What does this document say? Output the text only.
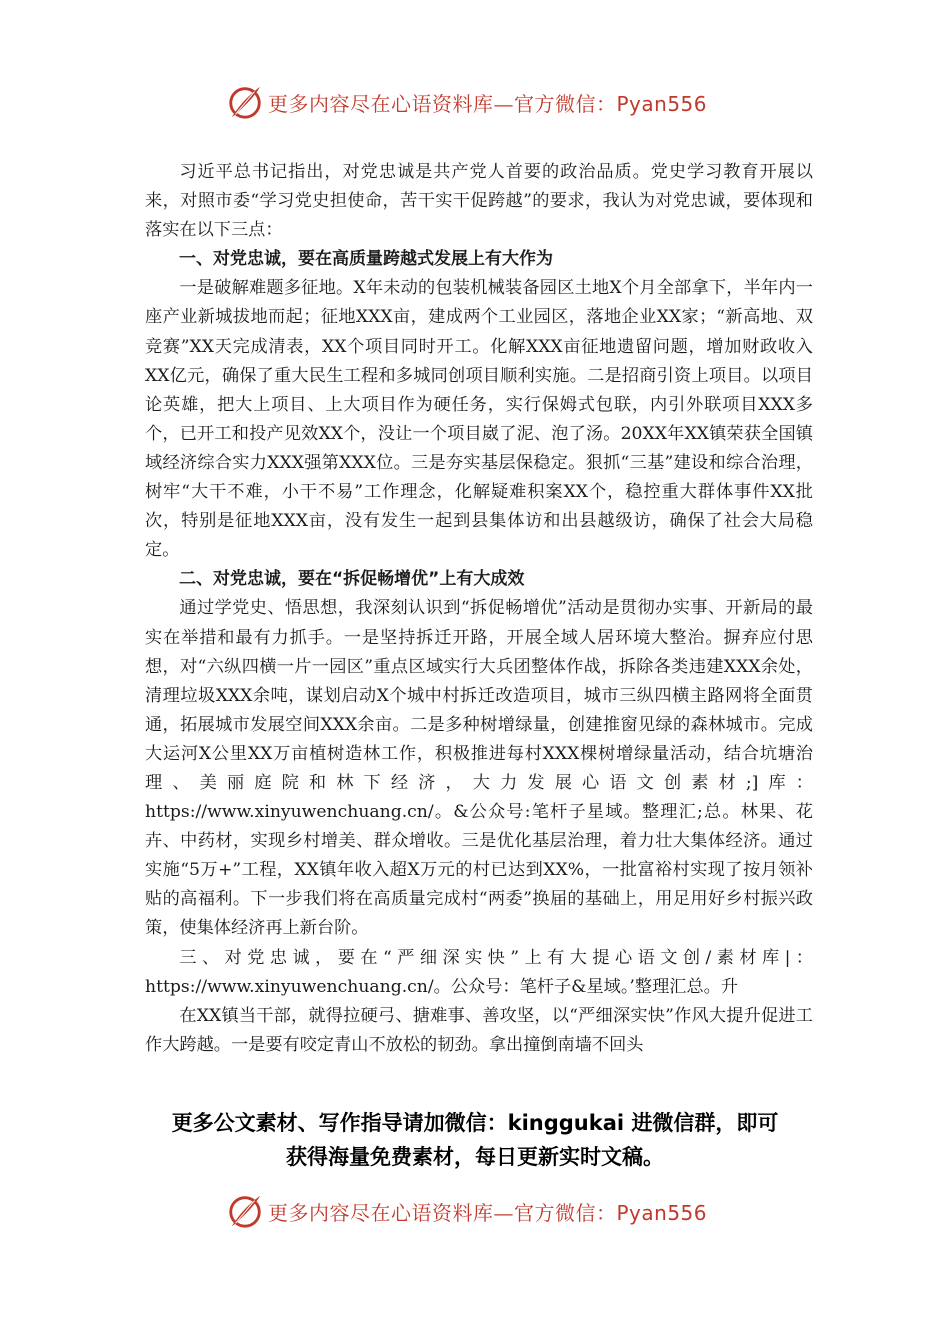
更多内容尽在心语资料库—官方微信：Pyan556

习近平总书记指出，对党忠诚是共产党人首要的政治品质。党史学习教育开展以来，对照市委“学习党史担使命，苦干实干促跨越”的要求，我认为对党忠诚，要体现和落实在以下三点：

一、对党忠诚，要在高质量跨越式发展上有大作为

一是破解难题多征地。X年未动的包装机械装备园区土地X个月全部拿下，半年内一座产业新城拔地而起；征地XXX亩，建成两个工业园区，落地企业XX家；“新高地、双竞赛”XX天完成清表，XX个项目同时开工。化解XXX亩征地遗留问题，增加财政收入XX亿元，确保了重大民生工程和多城同创项目顺利实施。二是招商引资上项目。以项目论英雄，把大上项目、上大项目作为硬任务，实行保姆式包联，内引外联项目XXX多个，已开工和投产见效XX个，没让一个项目崴了泥、泡了汤。20XX年XX镇荣获全国镇域经济综合实力XXX强第XXX位。三是夯实基层保稳定。狠抓“三基”建设和综合治理，树牢“大干不难，小干不易”工作理念，化解疑难积案XX个，稳控重大群体事件XX批次，特别是征地XXX亩，没有发生一起到县集体访和出县越级访，确保了社会大局稳定。

二、对党忠诚，要在“拆促畅增优”上有大成效

通过学党史、悟思想，我深刻认识到“拆促畅增优”活动是贯彻办实事、开新局的最实在举措和最有力抓手。一是坚持拆迁开路，开展全域人居环境大整治。摒弃应付思想，对“六纵四横一片一园区”重点区域实行大兵团整体作战，拆除各类违建XXX余处，清理垃圾XXX余吨，谋划启动X个城中村拆迁改造项目，城市三纵四横主路网将全面贯通，拓展城市发展空间XXX余亩。二是多种树增绿量，创建推窗见绿的森林城市。完成大运河X公里XX万亩植树造林工作，积极推进每村XXX棵树增绿量活动，结合坑塘治理、美丽庭院和林下经济，大力发展心语文创素材;]库：https://www.xinyuwenchuang.cn/。&公众号:笔杆子星域。整理汇;总。林果、花卉、中药材，实现乡村增美、群众增收。三是优化基层治理，着力壮大集体经济。通过实施“5万+”工程，XX镇年收入超X万元的村已达到XX%，一批富裕村实现了按月领补贴的高福利。下一步我们将在高质量完成村“两委”换届的基础上，用足用好乡村振兴政策，使集体经济再上新台阶。

三、对党忠诚，要在“严细深实快”上有大提心语文创/素材库|：https://www.xinyuwenchuang.cn/。公众号：笔杆子&星域。’整理汇总。升

在XX镇当干部，就得拉硬弓、搪难事、善攻坚，以“严细深实快”作风大提升促进工作大跨越。一是要有咬定青山不放松的韧劲。拿出撞倒南墙不回头

更多公文素材、写作指导请加微信：kinggukai 进微信群，即可
获得海量免费素材，每日更新实时文稿。
更多内容尽在心语资料库—官方微信：Pyan556
